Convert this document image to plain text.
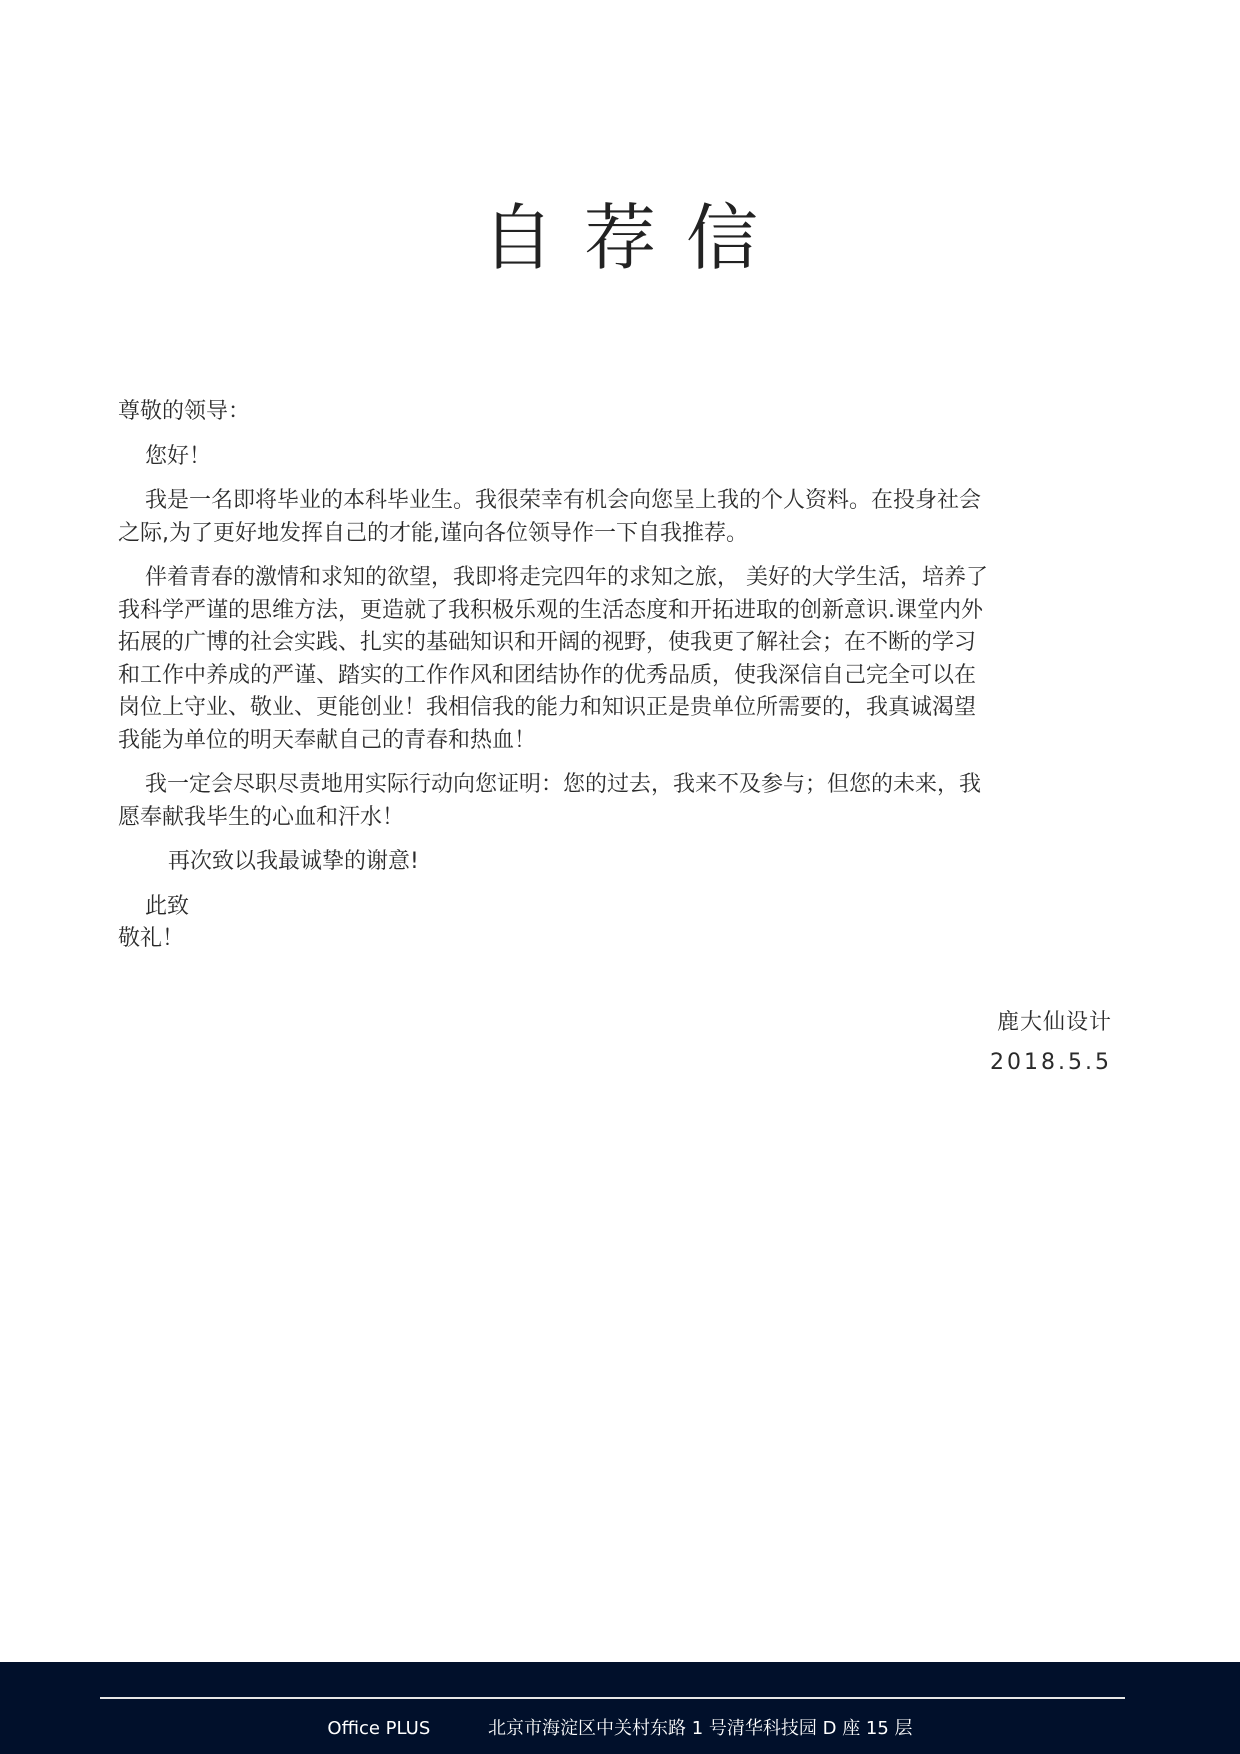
自荐信
尊敬的领导：
您好！
我是一名即将毕业的本科毕业生。我很荣幸有机会向您呈上我的个人资料。在投身社会
之际,为了更好地发挥自己的才能,谨向各位领导作一下自我推荐。
伴着青春的激情和求知的欲望，我即将走完四年的求知之旅， 美好的大学生活，培养了
我科学严谨的思维方法，更造就了我积极乐观的生活态度和开拓进取的创新意识.课堂内外
拓展的广博的社会实践、扎实的基础知识和开阔的视野，使我更了解社会；在不断的学习
和工作中养成的严谨、踏实的工作作风和团结协作的优秀品质，使我深信自己完全可以在
岗位上守业、敬业、更能创业！我相信我的能力和知识正是贵单位所需要的，我真诚渴望
我能为单位的明天奉献自己的青春和热血！
我一定会尽职尽责地用实际行动向您证明：您的过去，我来不及参与；但您的未来，我
愿奉献我毕生的心血和汗水！
再次致以我最诚挚的谢意!
此致
敬礼！
鹿大仙设计
2018.5.5
Office PLUS	北京市海淀区中关村东路 1 号清华科技园 D 座 15 层
